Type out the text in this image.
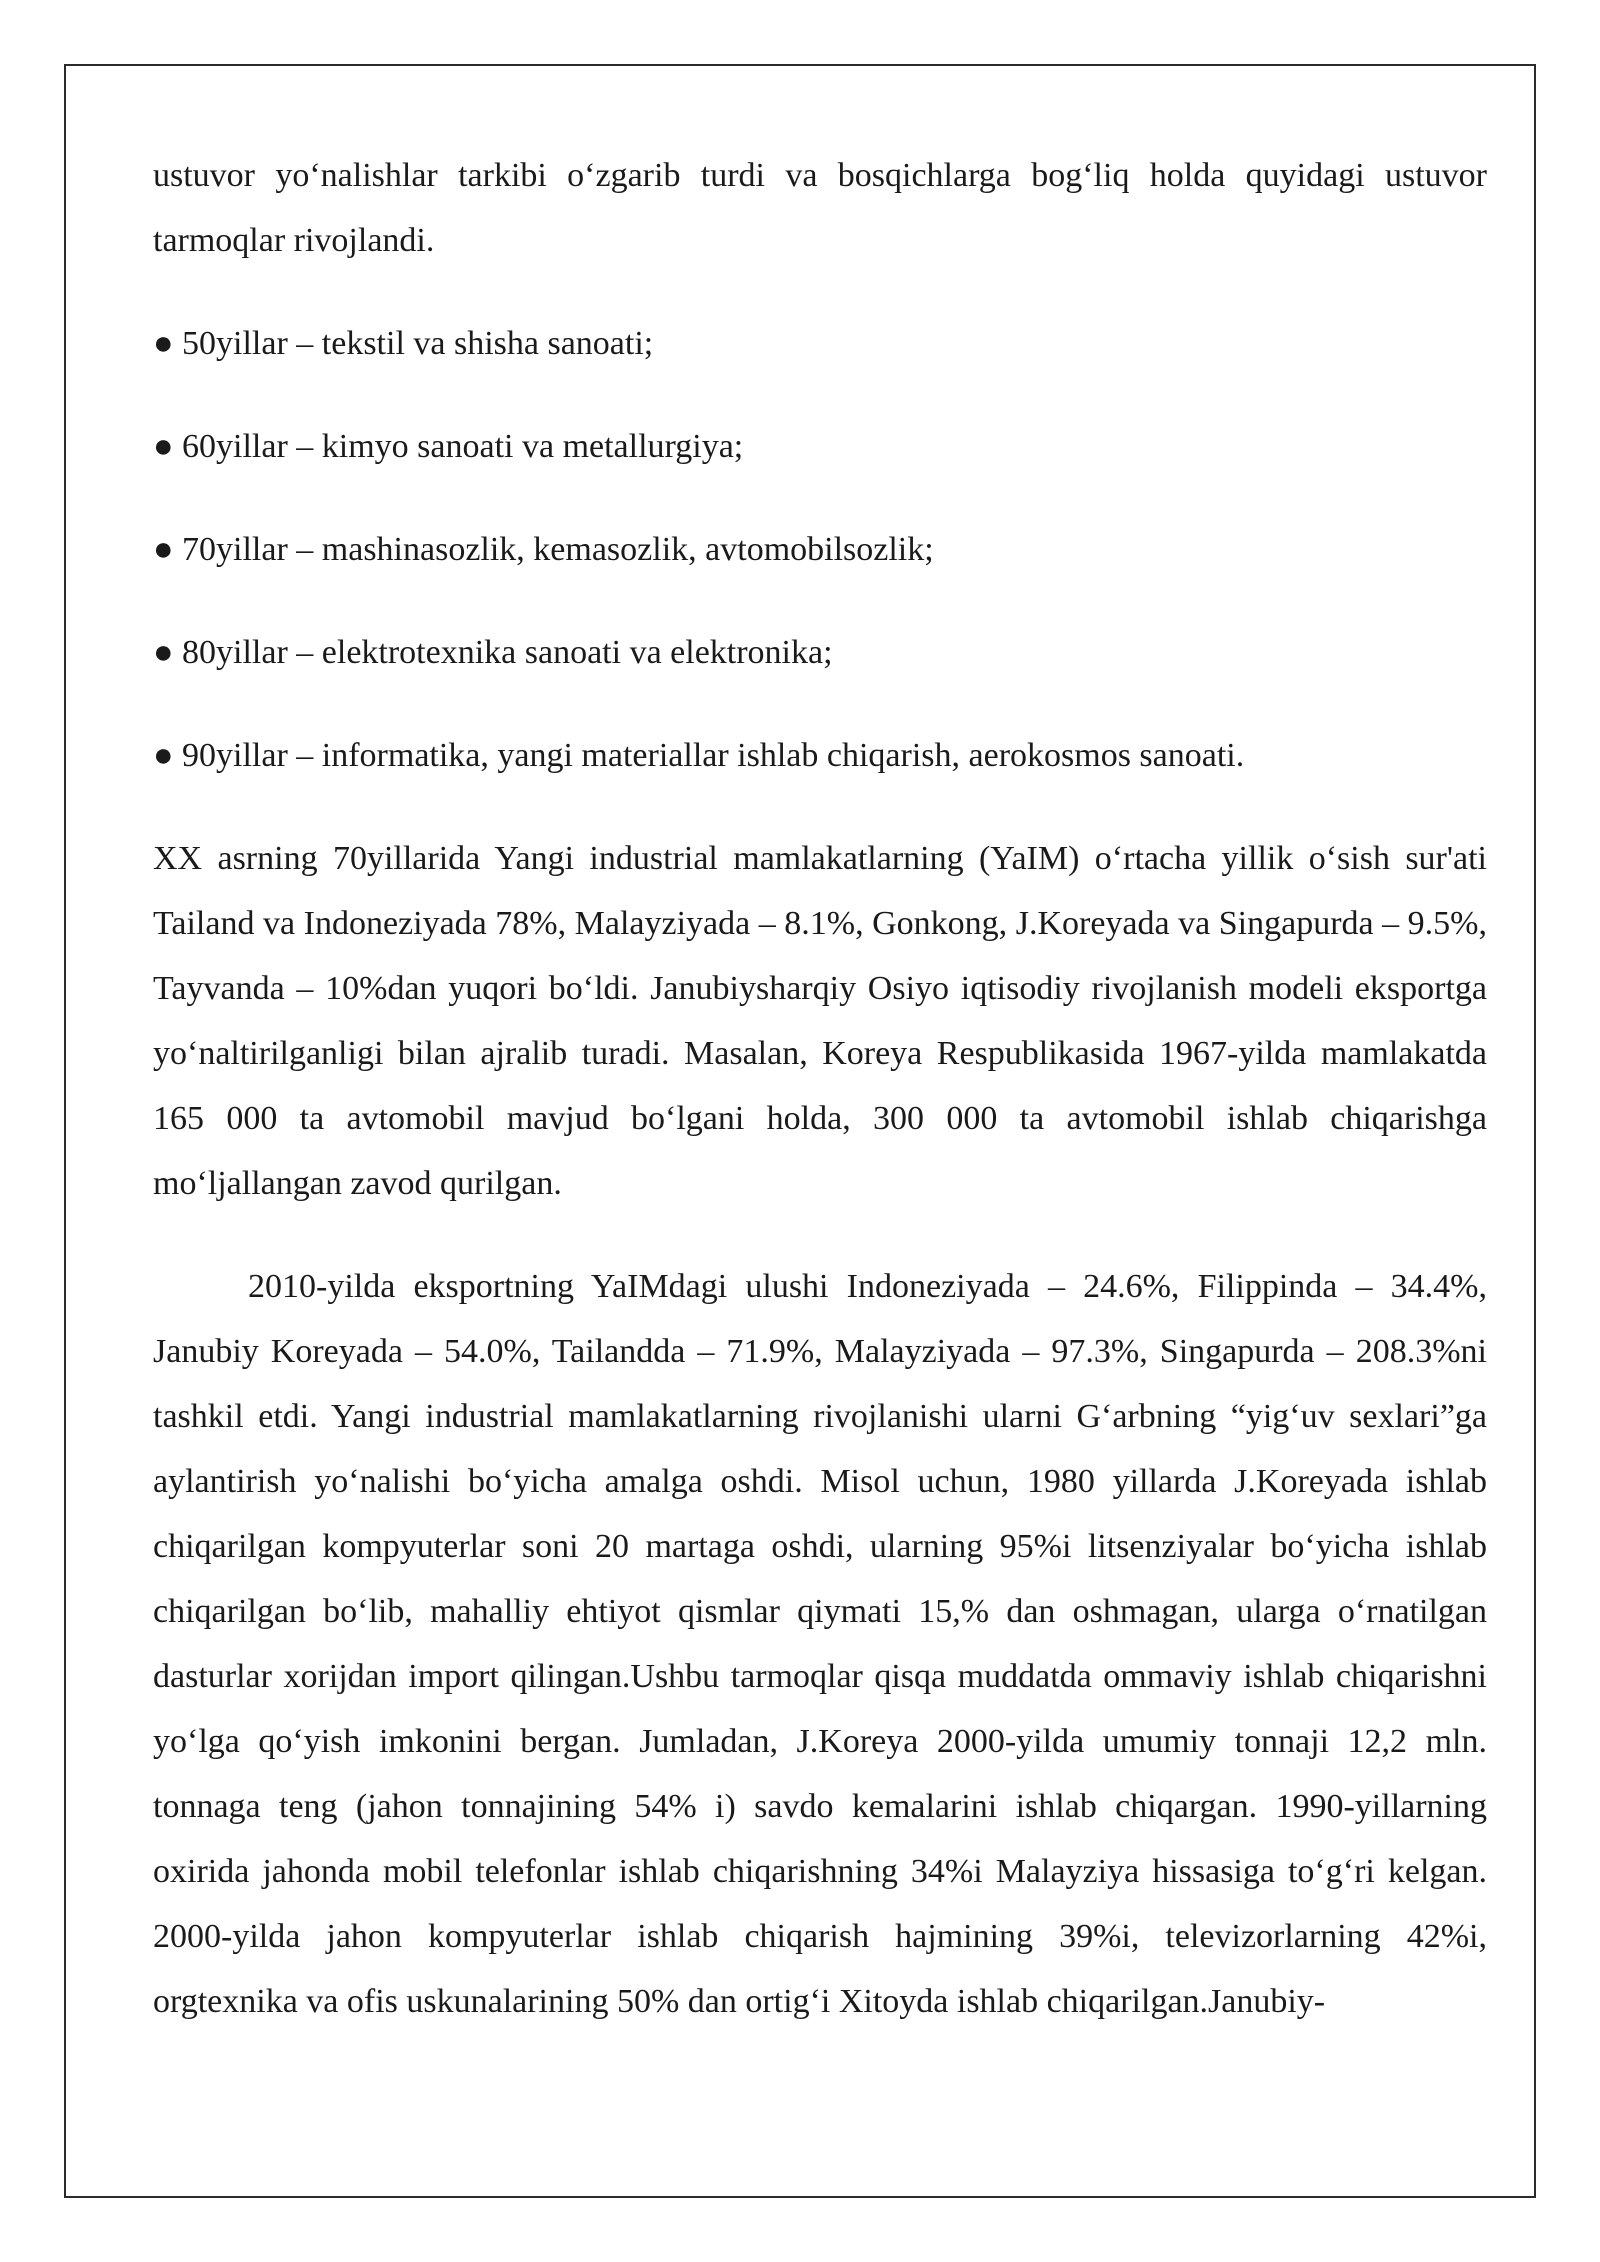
ustuvor yo‘nalishlar tarkibi o‘zgarib turdi va bosqichlarga bog‘liq holda quyidagi ustuvor tarmoqlar rivojlandi.

● 50yillar – tekstil va shisha sanoati;

● 60yillar – kimyo sanoati va metallurgiya;

● 70yillar – mashinasozlik, kemasozlik, avtomobilsozlik;

● 80yillar – elektrotexnika sanoati va elektronika;

● 90yillar – informatika, yangi materiallar ishlab chiqarish, aerokosmos sanoati.

XX asrning 70yillarida Yangi industrial mamlakatlarning (YaIM) o‘rtacha yillik o‘sish sur'ati Tailand va Indoneziyada 78%, Malayziyada – 8.1%, Gonkong, J.Koreyada va Singapurda – 9.5%, Tayvanda – 10%dan yuqori bo‘ldi. Janubiysharqiy Osiyo iqtisodiy rivojlanish modeli eksportga yo‘naltirilganligi bilan ajralib turadi. Masalan, Koreya Respublikasida 1967-yilda mamlakatda 165 000 ta avtomobil mavjud bo‘lgani holda, 300 000 ta avtomobil ishlab chiqarishga mo‘ljallangan zavod qurilgan.

2010-yilda eksportning YaIMdagi ulushi Indoneziyada – 24.6%, Filippinda – 34.4%, Janubiy Koreyada – 54.0%, Tailandda – 71.9%, Malayziyada – 97.3%, Singapurda – 208.3%ni tashkil etdi. Yangi industrial mamlakatlarning rivojlanishi ularni G‘arbning “yig‘uv sexlari”ga aylantirish yo‘nalishi bo‘yicha amalga oshdi. Misol uchun, 1980 yillarda J.Koreyada ishlab chiqarilgan kompyuterlar soni 20 martaga oshdi, ularning 95%i litsenziyalar bo‘yicha ishlab chiqarilgan bo‘lib, mahalliy ehtiyot qismlar qiymati 15,% dan oshmagan, ularga o‘rnatilgan dasturlar xorijdan import qilingan.Ushbu tarmoqlar qisqa muddatda ommaviy ishlab chiqarishni yo‘lga qo‘yish imkonini bergan. Jumladan, J.Koreya 2000-yilda umumiy tonnaji 12,2 mln. tonnaga teng (jahon tonnajining 54% i) savdo kemalarini ishlab chiqargan. 1990-yillarning oxirida jahonda mobil telefonlar ishlab chiqarishning 34%i Malayziya hissasiga to‘g‘ri kelgan. 2000-yilda jahon kompyuterlar ishlab chiqarish hajmining 39%i, televizorlarning 42%i, orgtexnika va ofis uskunalarining 50% dan ortig‘i Xitoyda ishlab chiqarilgan.Janubiy-
